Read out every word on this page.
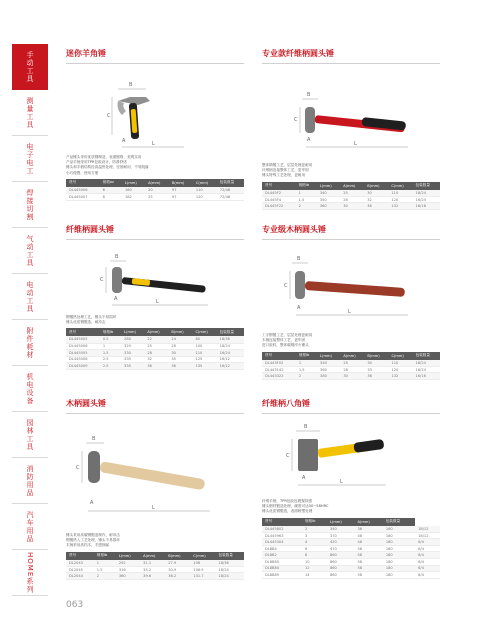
手动工具
测量工具
电子电工
焊接切割
气动工具
电动工具
附件耗材
机电设备
园林工具
消防用品
汽车用品
HOME系列
迷你羊角锤
B
C
L
A

产品锤头采用优质钢制造，表面镀铬，美观实用

产品手柄采用TPR包胶设计，防滑舒适

锤头和手柄结构经高温热处理，坚固耐用，不易脱落

小巧便携，使用方便

货号	规格oz	L(mm)	A(mm)	B(mm)	C(mm)	包装数量
DL445006	6	160	20	97	110	72/48
DL445007	8	182	25	97	120	72/48
专业款纤维柄圆头锤
B
C
L
A

整体精锻工艺，层层处理更耐用

纤维柄连接整体工艺，更牢固

锤头特殊工艺处理，更耐用

货号	规格lb	L(mm)	A(mm)	B(mm)	C(mm)	包装数量
DL445F2	1	340	25	30	110	18/24
DL445F4	1.5	350	28	32	120	16/24
DL445F22	2	360	30	36	132	16/16
纤维柄圆头锤
B
C
L
A

钢锻热处理工艺，锤头不易损坏

锤头优质钢锻造，耐冲击

货号	规格lb	L(mm)	A(mm)	B(mm)	C(mm)	包装数量
DL445005	0.5	280	22	24	80	18/36
DL445006	1	320	25	28	100	18/24
DL445005	1.5	330	28	30	110	16/24
DL445008	2.5	335	32	35	125	16/12
DL445009	2.5	335	36	36	135	16/12
专业级木柄圆头锤
B
C
L
A

工字钢锻工艺，层层处理更耐用

木柄连接整体工艺，更牢固

进口胶料，整体碳钢淬火锤头

货号	规格lb	L(mm)	A(mm)	B(mm)	C(mm)	包装数量
DL443F02	1	340	25	30	110	18/24
DL443142	1.5	360	28	33	120	16/24
DL443322	2	380	30	36	132	16/16
木柄圆头锤
B
C
L
A

锤头采用高碳钢锻造制作，耐冲击

钢锻热入工艺处理，锤头不易损坏

木柄采用高档木，手感细腻

货号	规格lb	L(mm)	A(mm)	B(mm)	C(mm)	包装数量
DL2043	1	292	31.1	27.9	106	18/36
DL2045	1.5	316	35.2	30.9	106.9	18/24
DL2044	2	360	39.6	36.2	131.7	18/24
纤维柄八角锤
B
C
L
A

纤维手柄，TPR包胶包裹握持感

锤头钢材锻造处理，硬度可达50~58HRC

锤头优质钢锻造，表面喷塑处理

货号	规格lb	L(mm)	A(mm)	包装数量	
DL445802	2	340	36	160	18/12
DL445963	3	370	48	180	18/12
DL445304	4	420	46	180	6/4
DL8B4	6	470	58	180	6/4
DL8B2	8	860	58	180	6/4
DL8B85	10	860	58	180	6/4
DL8B84	12	860	58	180	6/4
DL8B89	14	860	58	180	6/4
063
